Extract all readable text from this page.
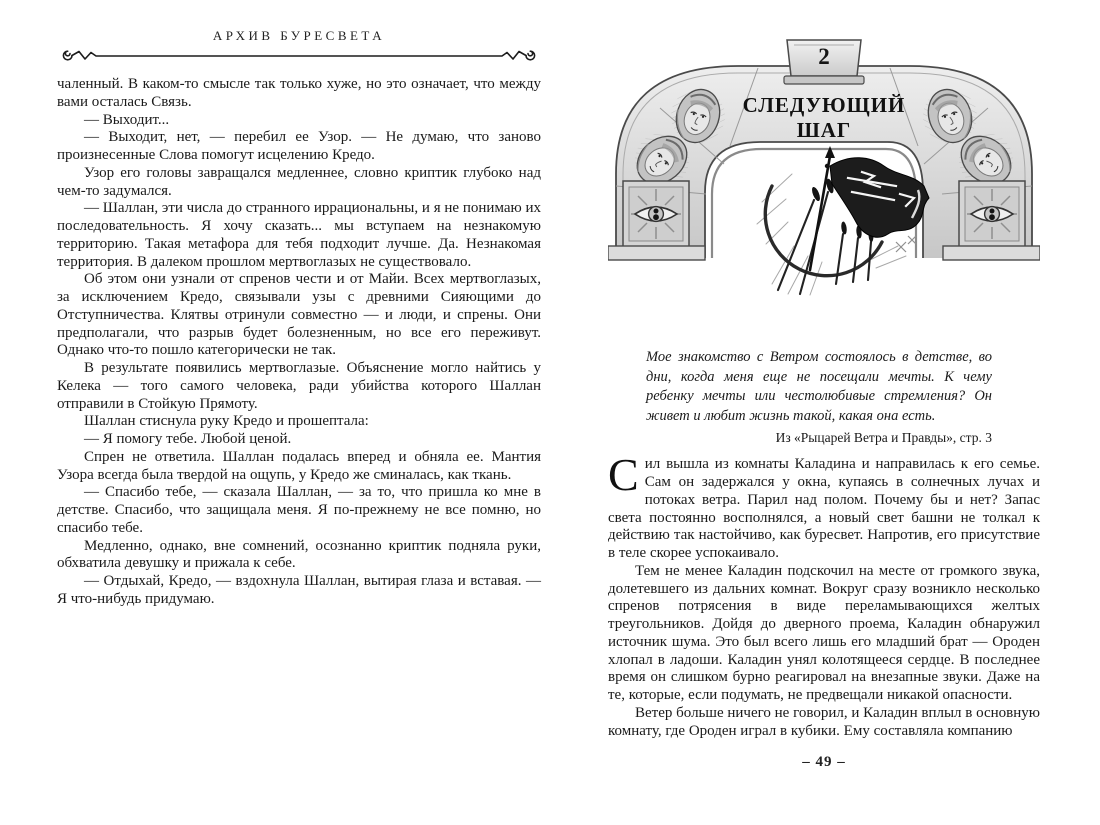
АРХИВ БУРЕСВЕТА

чаленный. В каком-то смысле так только хуже, но это означает, что между вами осталась Связь.

— Выходит...

— Выходит, нет, — перебил ее Узор. — Не думаю, что заново произнесенные Слова помогут исцелению Кредо.

Узор его головы завращался медленнее, словно криптик глубоко над чем-то задумался.

— Шаллан, эти числа до странного иррациональны, и я не понимаю их последовательность. Я хочу сказать... мы вступаем на незнакомую территорию. Такая метафора для тебя подходит лучше. Да. Незнакомая территория. В далеком прошлом мертвоглазых не существовало.

Об этом они узнали от спренов чести и от Майи. Всех мертвоглазых, за исключением Кредо, связывали узы с древними Сияющими до Отступничества. Клятвы отринули совместно — и люди, и спрены. Они предполагали, что разрыв будет болезненным, но все его переживут. Однако что-то пошло категорически не так.

В результате появились мертвоглазые. Объяснение могло найтись у Келека — того самого человека, ради убийства которого Шаллан отправили в Стойкую Прямоту.

Шаллан стиснула руку Кредо и прошептала:

— Я помогу тебе. Любой ценой.

Спрен не ответила. Шаллан подалась вперед и обняла ее. Мантия Узора всегда была твердой на ощупь, у Кредо же сминалась, как ткань.

— Спасибо тебе, — сказала Шаллан, — за то, что пришла ко мне в детстве. Спасибо, что защищала меня. Я по-прежнему не все помню, но спасибо тебе.

Медленно, однако, вне сомнений, осознанно криптик подняла руки, обхватила девушку и прижала к себе.

— Отдыхай, Кредо, — вздохнула Шаллан, вытирая глаза и вставая. — Я что-нибудь придумаю.

2
СЛЕДУЮЩИЙ
ШАГ

Мое знакомство с Ветром состоялось в детстве, во дни, когда меня еще не посещали мечты. К чему ребенку мечты или честолюбивые стремления? Он живет и любит жизнь такой, какая она есть.

Из «Рыцарей Ветра и Правды», стр. 3

Сил вышла из комнаты Каладина и направилась к его семье. Сам он задержался у окна, купаясь в солнечных лучах и потоках ветра. Парил над полом. Почему бы и нет? Запас света постоянно восполнялся, а новый свет башни не толкал к действию так настойчиво, как буресвет. Напротив, его присутствие в теле скорее успокаивало.

Тем не менее Каладин подскочил на месте от громкого звука, долетевшего из дальних комнат. Вокруг сразу возникло несколько спренов потрясения в виде переламывающихся желтых треугольников. Дойдя до дверного проема, Каладин обнаружил источник шума. Это был всего лишь его младший брат — Ороден хлопал в ладоши. Каладин унял колотящееся сердце. В последнее время он слишком бурно реагировал на внезапные звуки. Даже на те, которые, если подумать, не предвещали никакой опасности.

Ветер больше ничего не говорил, и Каладин вплыл в основную комнату, где Ороден играл в кубики. Ему составляла компанию

– 49 –
